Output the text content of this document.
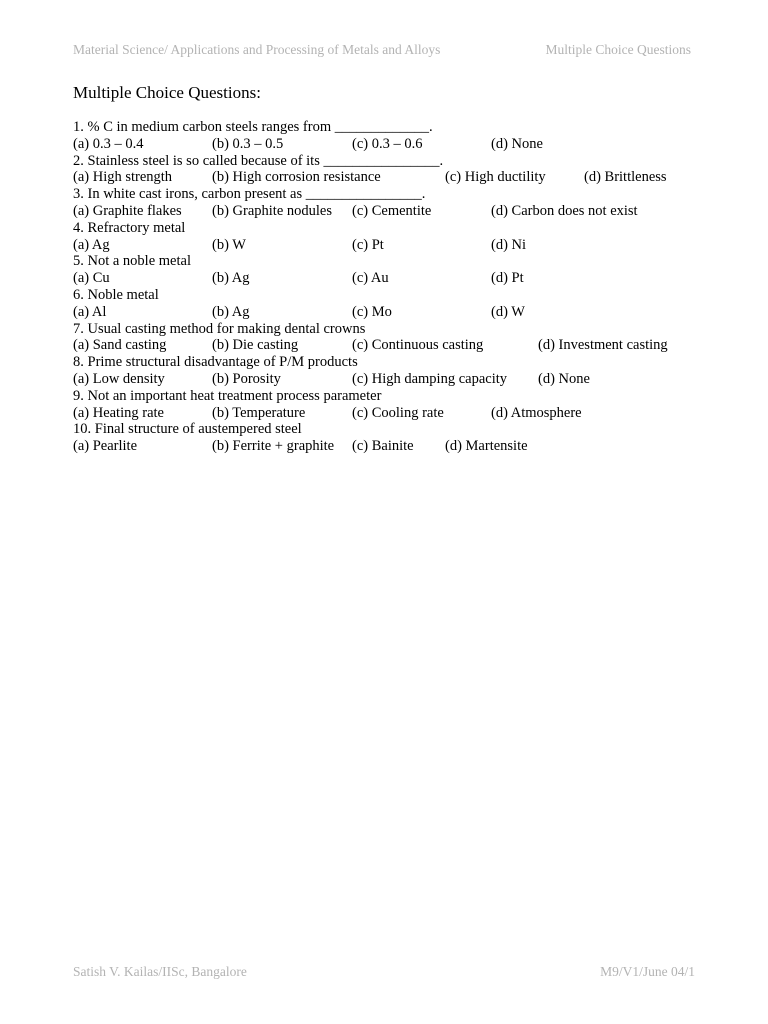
Material Science/ Applications and Processing of Metals and Alloys	Multiple Choice Questions
Multiple Choice Questions:
1. % C in medium carbon steels ranges from _____________.
(a) 0.3 – 0.4	(b) 0.3 – 0.5	(c) 0.3 – 0.6	(d) None
2. Stainless steel is so called because of its ________________.
(a) High strength	(b) High corrosion resistance	(c) High ductility	(d) Brittleness
3. In white cast irons, carbon present as ________________.
(a) Graphite flakes (b) Graphite nodules (c) Cementite	(d) Carbon does not exist
4. Refractory metal
(a) Ag	(b) W	(c) Pt	(d) Ni
5. Not a noble metal
(a) Cu	(b) Ag	(c) Au	(d) Pt
6. Noble metal
(a) Al	(b) Ag	(c) Mo	(d) W
7. Usual casting method for making dental crowns
(a) Sand casting	(b) Die casting	(c) Continuous casting	(d) Investment casting
8. Prime structural disadvantage of P/M products
(a) Low density	(b) Porosity	(c) High damping capacity (d) None
9. Not an important heat treatment process parameter
(a) Heating rate	(b) Temperature	(c) Cooling rate	(d) Atmosphere
10. Final structure of austempered steel
(a) Pearlite	(b) Ferrite + graphite (c) Bainite (d) Martensite
Satish V. Kailas/IISc, Bangalore	M9/V1/June 04/1
